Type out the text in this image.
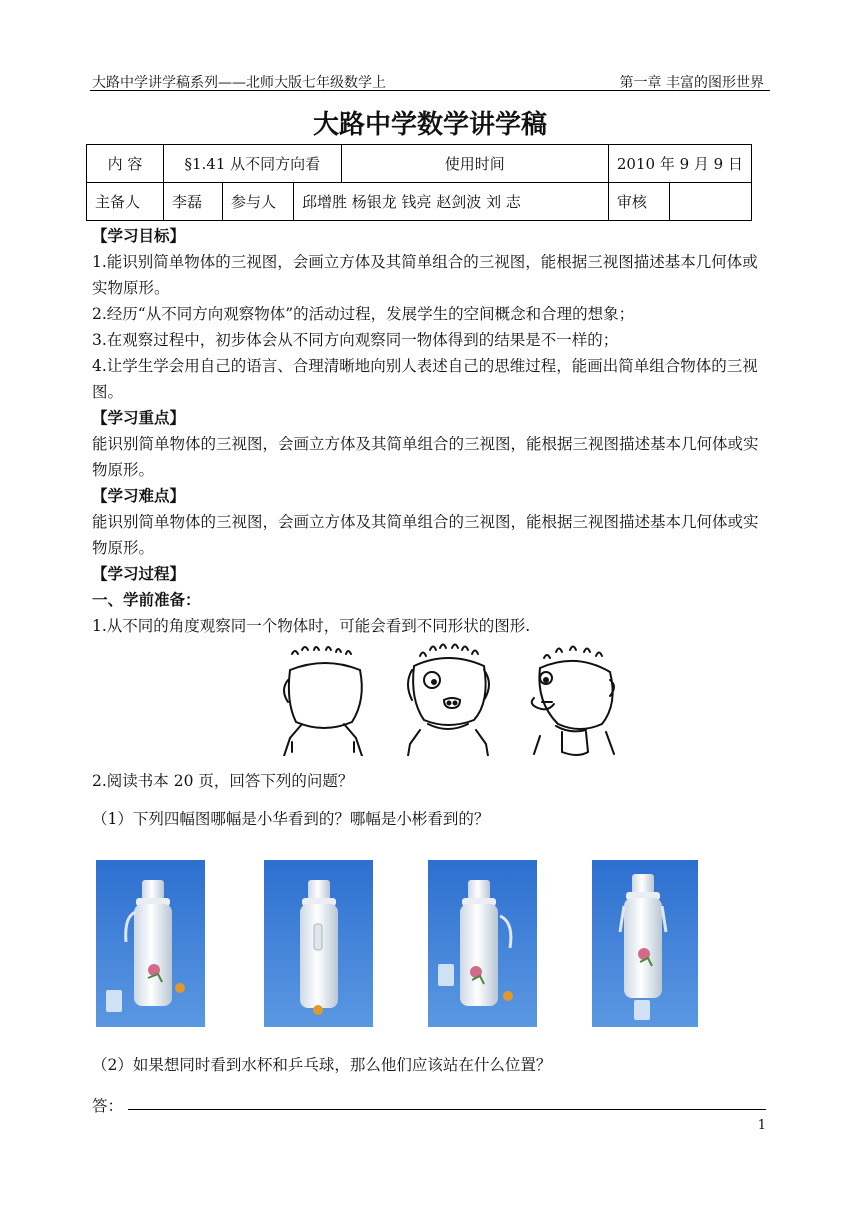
大路中学讲学稿系列——北师大版七年级数学上	第一章 丰富的图形世界
大路中学数学讲学稿
内 容	§1.41 从不同方向看			使用时间	2010 年 9 月 9 日	
主备人	李磊	参与人	邱增胜 杨银龙 钱亮 赵剑波 刘 志		审核	
【学习目标】
1.能识别简单物体的三视图，会画立方体及其简单组合的三视图，能根据三视图描述基本几何体或实物原形。
2.经历“从不同方向观察物体”的活动过程，发展学生的空间概念和合理的想象；
3.在观察过程中，初步体会从不同方向观察同一物体得到的结果是不一样的；
4.让学生学会用自己的语言、合理清晰地向别人表述自己的思维过程，能画出简单组合物体的三视图。
【学习重点】
能识别简单物体的三视图，会画立方体及其简单组合的三视图，能根据三视图描述基本几何体或实物原形。
【学习难点】
能识别简单物体的三视图，会画立方体及其简单组合的三视图，能根据三视图描述基本几何体或实物原形。
【学习过程】
一、学前准备：
1.从不同的角度观察同一个物体时，可能会看到不同形状的图形.
2.阅读书本 20 页，回答下列的问题？
（1）下列四幅图哪幅是小华看到的？哪幅是小彬看到的？
（2）如果想同时看到水杯和乒乓球，那么他们应该站在什么位置？
答：
1
